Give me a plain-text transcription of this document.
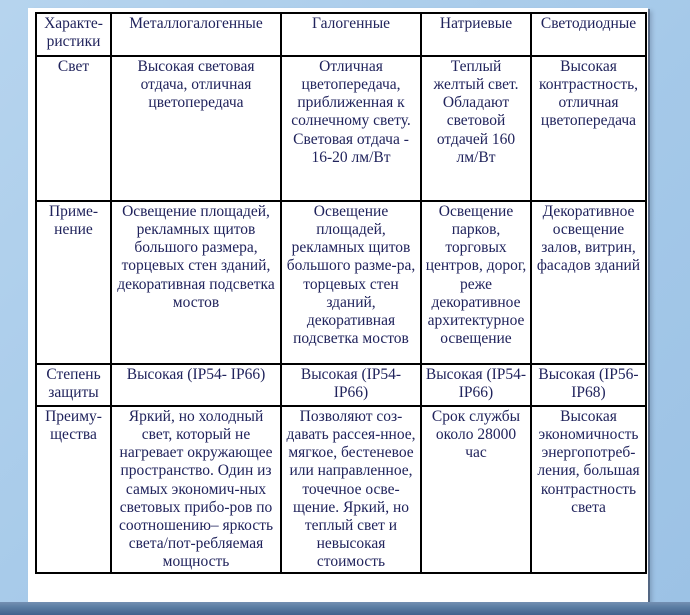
Характе-ристики	Металлогалогенные	Галогенные	Натриевые	Светодиодные
Свет	Высокая световая отдача, отличная цветопередача	Отличная цветопередача, приближенная к солнечному свету. Световая отдача - 16-20 лм/Вт	Теплый желтый свет. Обладают световой отдачей 160 лм/Вт	Высокая контрастность, отличная цветопередача
Приме-нение	Освещение площадей, рекламных щитов большого размера, торцевых стен зданий, декоративная подсветка мостов	Освещение площадей, рекламных щитов большого разме-ра, торцевых стен зданий, декоративная подсветка мостов	Освещение парков, торговых центров, дорог, реже декоративное архитектурное освещение	Декоративное освещение залов, витрин, фасадов зданий
Степень защиты	Высокая (IP54- IP66)	Высокая (IP54- IP66)	Высокая (IP54- IP66)	Высокая (IP56- IP68)
Преиму-щества	Яркий, но холодный свет, который не нагревает окружающее пространство. Один из самых экономич-ных световых прибо-ров по соотношению– яркость света/пот-ребляемая мощность	Позволяют соз-давать рассея-нное, мягкое, бестеневое или направленное, точечное осве-щение. Яркий, но теплый свет и невысокая стоимость	Срок службы около 28000 час	Высокая экономичность энергопотреб-ления, большая контрастность света
